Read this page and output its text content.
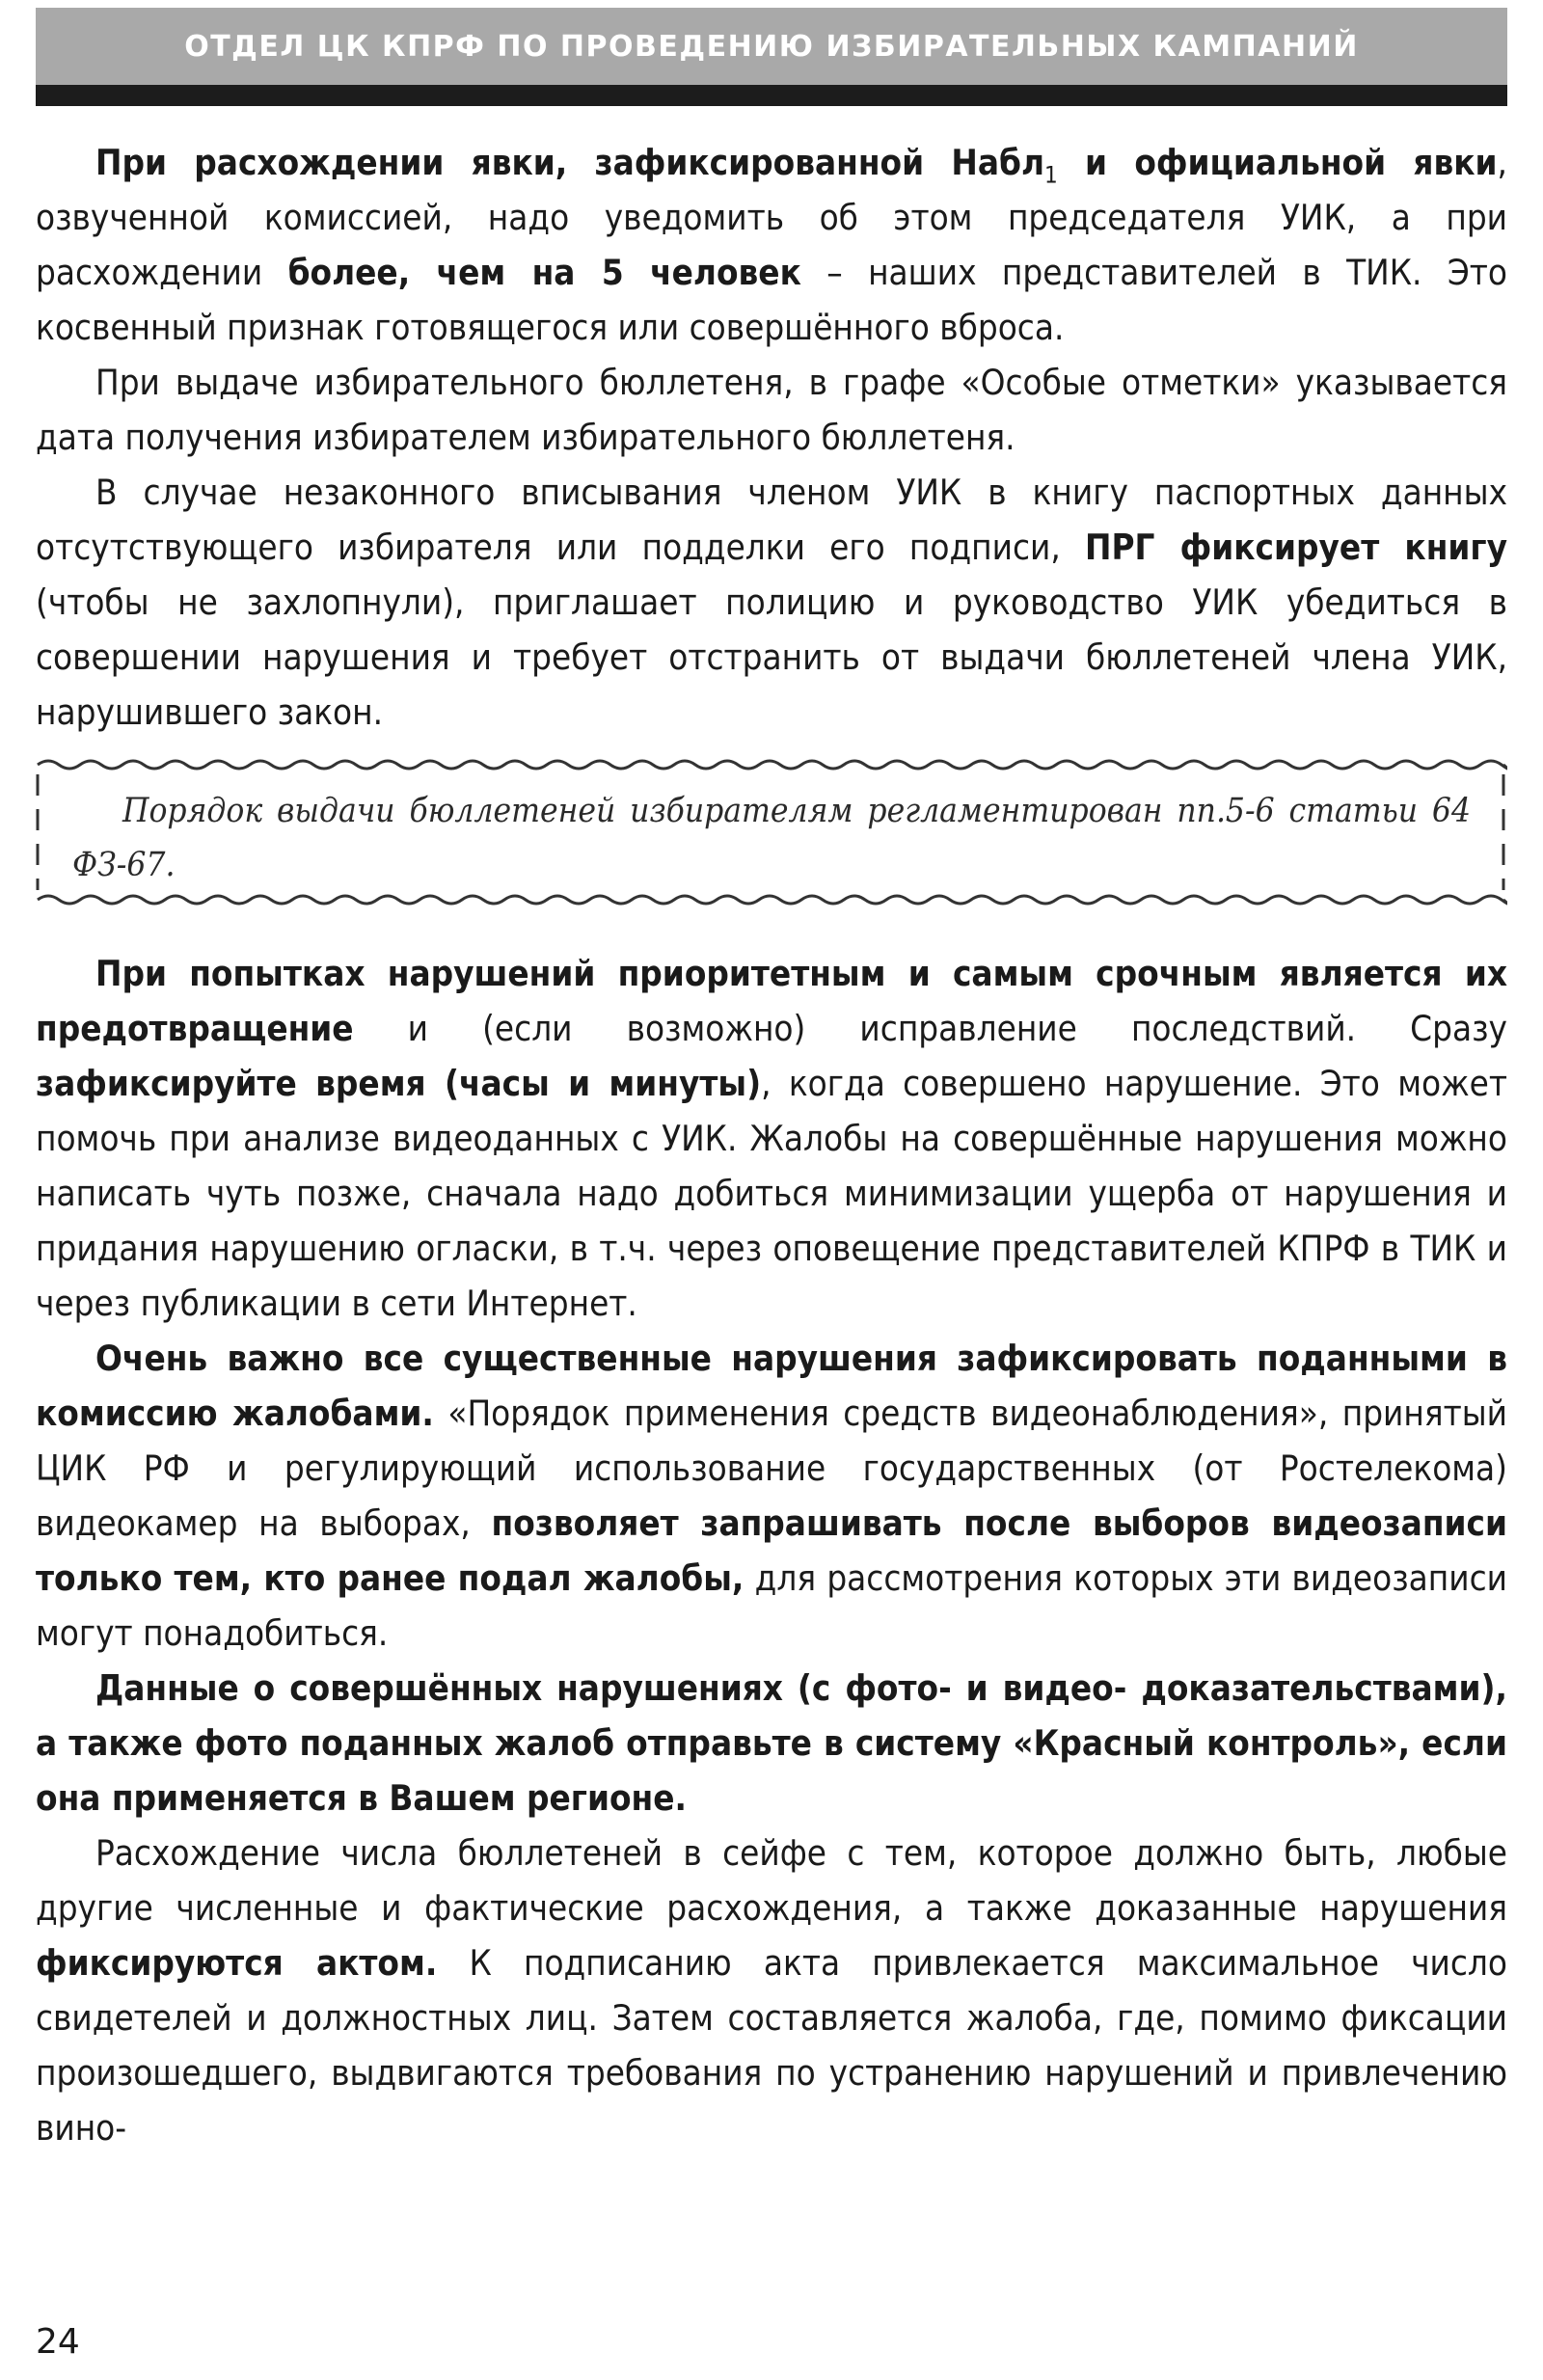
ОТДЕЛ ЦК КПРФ ПО ПРОВЕДЕНИЮ ИЗБИРАТЕЛЬНЫХ КАМПАНИЙ

При расхождении явки, зафиксированной Набл$_1$ и официальной явки, озвученной комиссией, надо уведомить об этом председателя УИК, а при расхождении более, чем на 5 человек – наших представителей в ТИК. Это косвенный признак готовящегося или совершённого вброса.

При выдаче избирательного бюллетеня, в графе «Особые отметки» указывается дата получения избирателем избирательного бюллетеня.

В случае незаконного вписывания членом УИК в книгу паспортных данных отсутствующего избирателя или подделки его подписи, ПРГ фиксирует книгу (чтобы не захлопнули), приглашает полицию и руководство УИК убедиться в совершении нарушения и требует отстранить от выдачи бюллетеней члена УИК, нарушившего закон.

Порядок выдачи бюллетеней избирателям регламентирован пп.5-6 статьи 64 ФЗ-67.

При попытках нарушений приоритетным и самым срочным является их предотвращение и (если возможно) исправление последствий. Сразу зафиксируйте время (часы и минуты), когда совершено нарушение. Это может помочь при анализе видеоданных с УИК. Жалобы на совершённые нарушения можно написать чуть позже, сначала надо добиться минимизации ущерба от нарушения и придания нарушению огласки, в т.ч. через оповещение представителей КПРФ в ТИК и через публикации в сети Интернет.

Очень важно все существенные нарушения зафиксировать поданными в комиссию жалобами. «Порядок применения средств видеонаблюдения», принятый ЦИК РФ и регулирующий использование государственных (от Ростелекома) видеокамер на выборах, позволяет запрашивать после выборов видеозаписи только тем, кто ранее подал жалобы, для рассмотрения которых эти видеозаписи могут понадобиться.

Данные о совершённых нарушениях (с фото- и видео- доказательствами), а также фото поданных жалоб отправьте в систему «Красный контроль», если она применяется в Вашем регионе.

Расхождение числа бюллетеней в сейфе с тем, которое должно быть, любые другие численные и фактические расхождения, а также доказанные нарушения фиксируются актом. К подписанию акта привлекается максимальное число свидетелей и должностных лиц. Затем составляется жалоба, где, помимо фиксации произошедшего, выдвигаются требования по устранению нарушений и привлечению вино-

24
